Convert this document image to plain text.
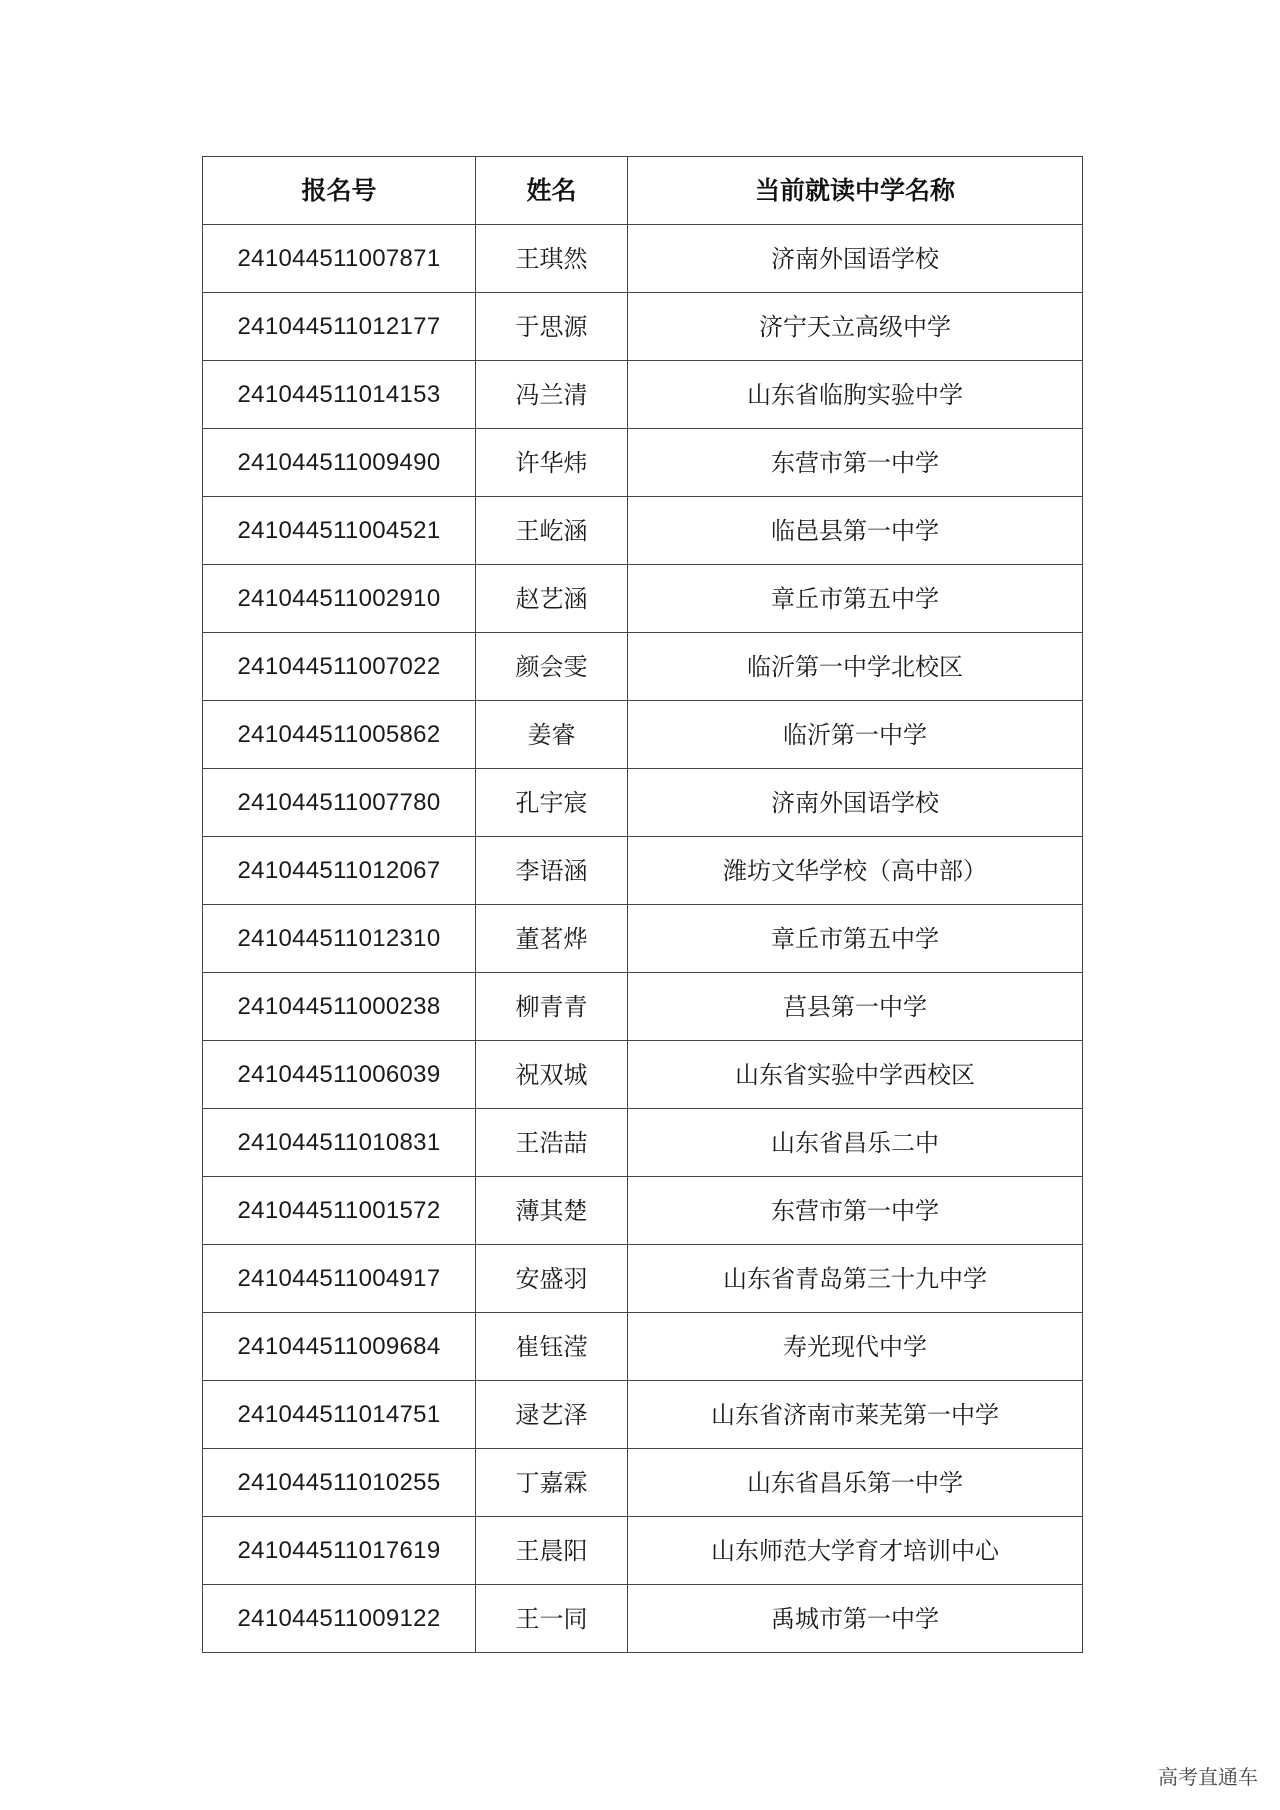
报名号	姓名	当前就读中学名称
241044511007871	王琪然	济南外国语学校
241044511012177	于思源	济宁天立高级中学
241044511014153	冯兰清	山东省临朐实验中学
241044511009490	许华炜	东营市第一中学
241044511004521	王屹涵	临邑县第一中学
241044511002910	赵艺涵	章丘市第五中学
241044511007022	颜会雯	临沂第一中学北校区
241044511005862	姜睿	临沂第一中学
241044511007780	孔宇宸	济南外国语学校
241044511012067	李语涵	潍坊文华学校（高中部）
241044511012310	董茗烨	章丘市第五中学
241044511000238	柳青青	莒县第一中学
241044511006039	祝双城	山东省实验中学西校区
241044511010831	王浩喆	山东省昌乐二中
241044511001572	薄其楚	东营市第一中学
241044511004917	安盛羽	山东省青岛第三十九中学
241044511009684	崔钰滢	寿光现代中学
241044511014751	逯艺泽	山东省济南市莱芜第一中学
241044511010255	丁嘉霖	山东省昌乐第一中学
241044511017619	王晨阳	山东师范大学育才培训中心
241044511009122	王一同	禹城市第一中学
高考直通车
